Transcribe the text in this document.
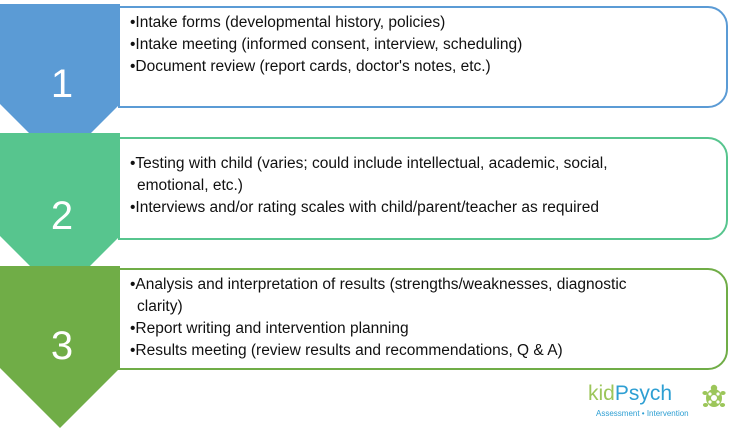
1
•Intake forms (developmental history, policies)
•Intake meeting (informed consent, interview, scheduling)
•Document review (report cards, doctor's notes, etc.)
2
•Testing with child (varies; could include intellectual, academic, social,
emotional, etc.)
•Interviews and/or rating scales with child/parent/teacher as required
3
•Analysis and interpretation of results (strengths/weaknesses, diagnostic
clarity)
•Report writing and intervention planning
•Results meeting (review results and recommendations, Q & A)
kidPsych
Assessment • Intervention
